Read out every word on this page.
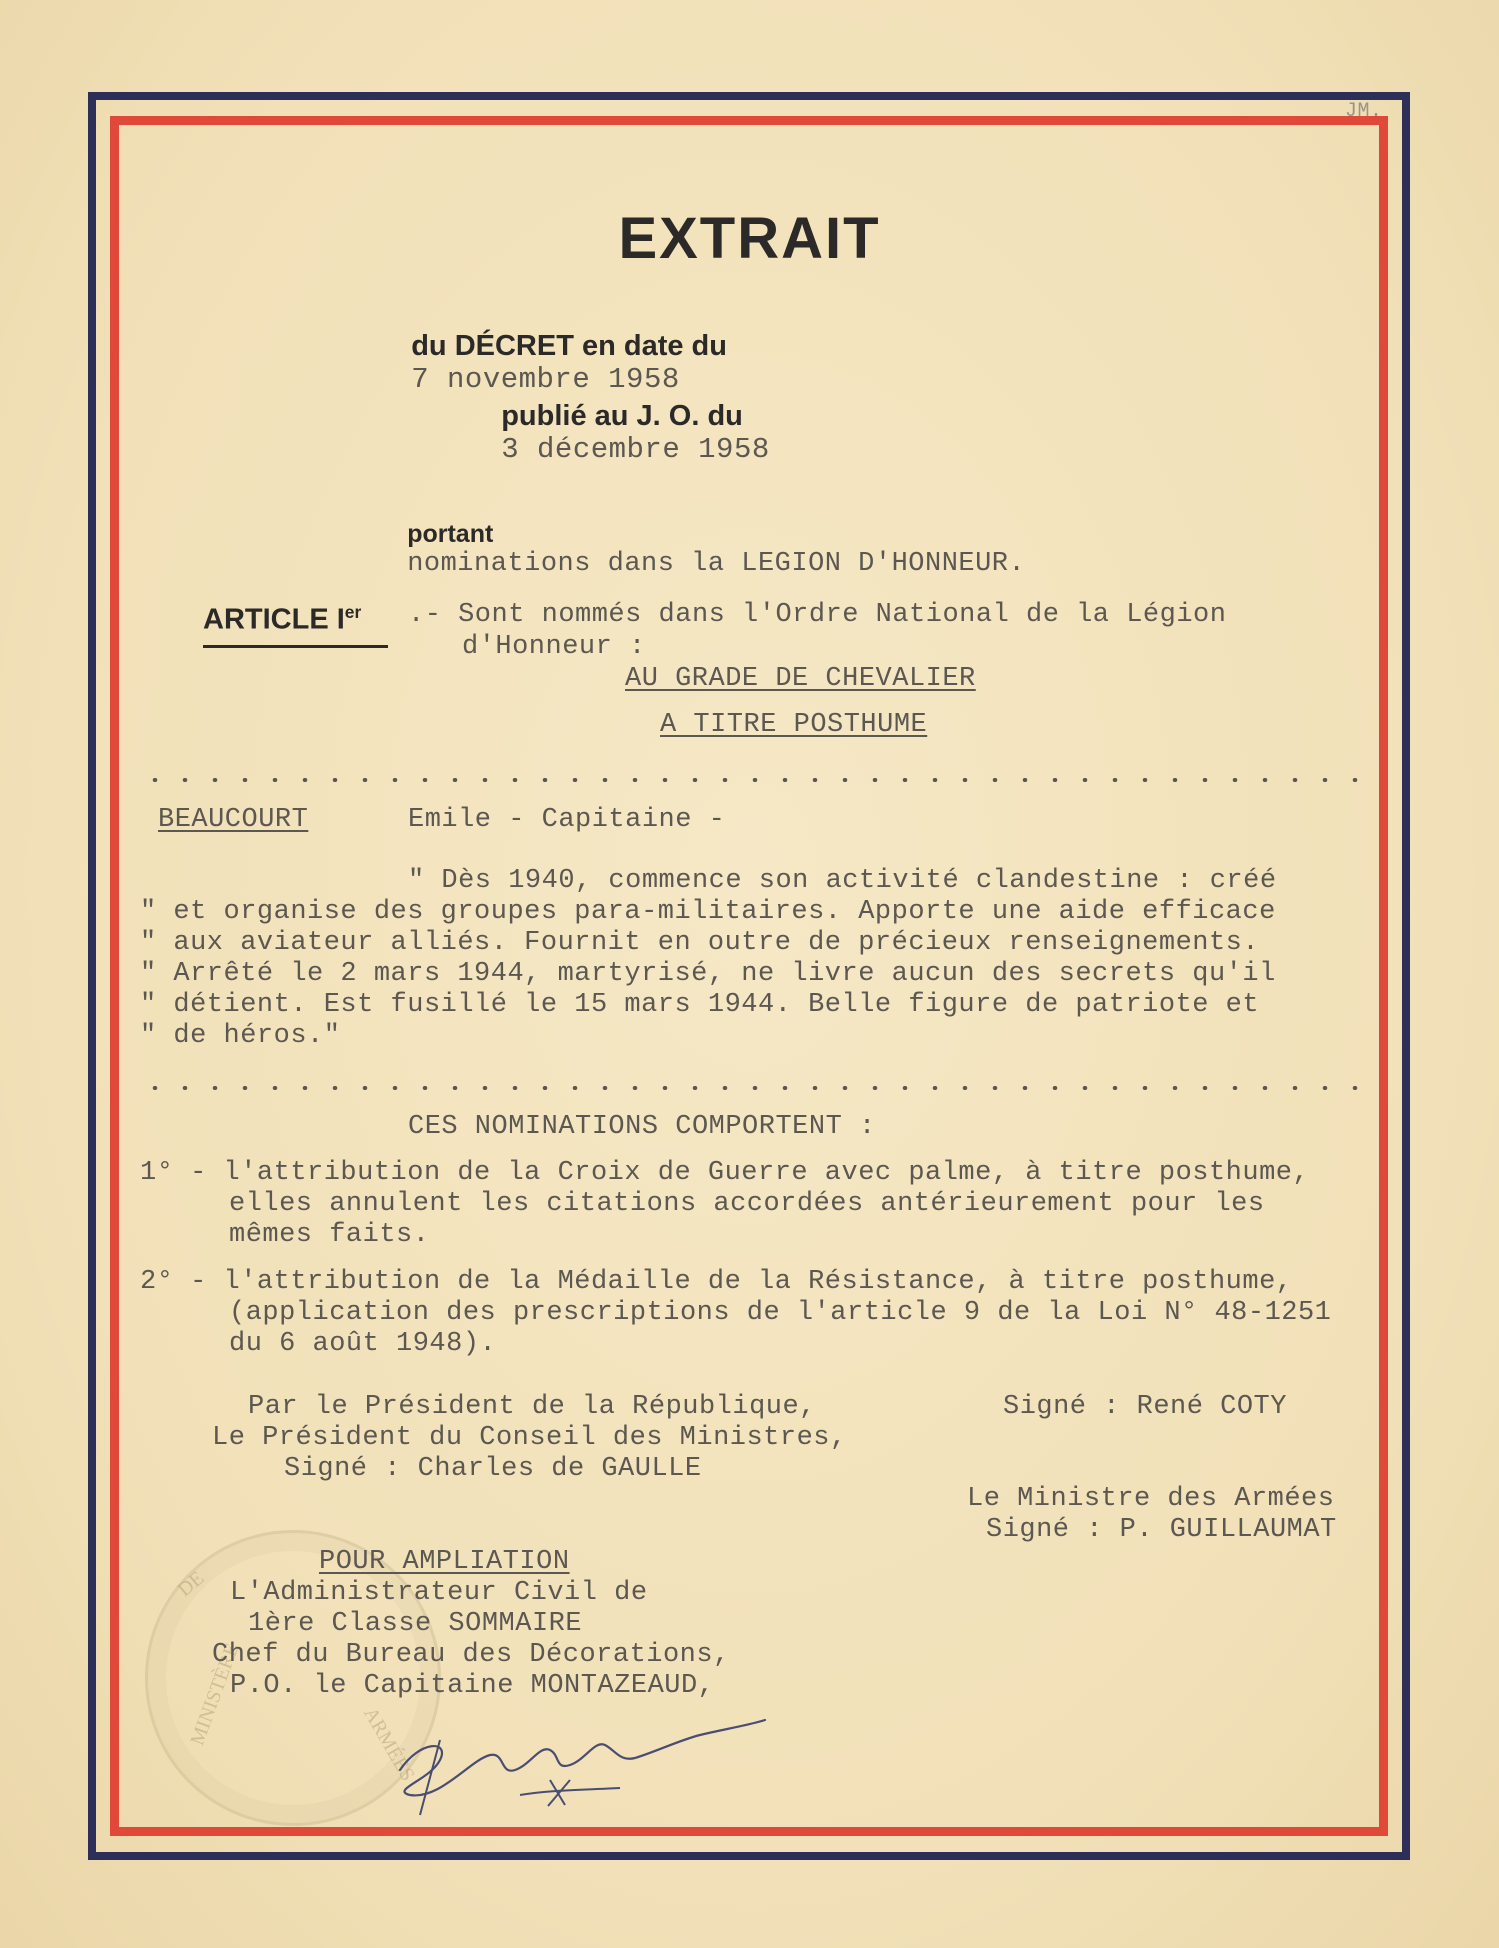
JM.
EXTRAIT

du DÉCRET en date du
7 novembre 1958

publié au J. O. du
3 décembre 1958

portant
nominations dans la LEGION D'HONNEUR.

ARTICLE Ier .- Sont nommés dans l'Ordre National de la Légion
d'Honneur :
AU GRADE DE CHEVALIER
A TITRE POSTHUME
BEAUCOURT	Emile - Capitaine -
" Dès 1940, commence son activité clandestine : créé
" et organise des groupes para-militaires. Apporte une aide efficace
" aux aviateur alliés. Fournit en outre de précieux renseignements.
" Arrêté le 2 mars 1944, martyrisé, ne livre aucun des secrets qu'il
" détient. Est fusillé le 15 mars 1944. Belle figure de patriote et
" de héros."
CES NOMINATIONS COMPORTENT :
1° - l'attribution de la Croix de Guerre avec palme, à titre posthume,
elles annulent les citations accordées antérieurement pour les
mêmes faits.
2° - l'attribution de la Médaille de la Résistance, à titre posthume,
(application des prescriptions de l'article 9 de la Loi N° 48-1251
du 6 août 1948).
Par le Président de la République,
Le Président du Conseil des Ministres,
Signé : Charles de GAULLE
Signé : René COTY
Le Ministre des Armées
Signé : P. GUILLAUMAT
MINISTÈRE
DE
ARMÉES
POUR AMPLIATION
L'Administrateur Civil de
1ère Classe SOMMAIRE
Chef du Bureau des Décorations,
P.O. le Capitaine MONTAZEAUD,
